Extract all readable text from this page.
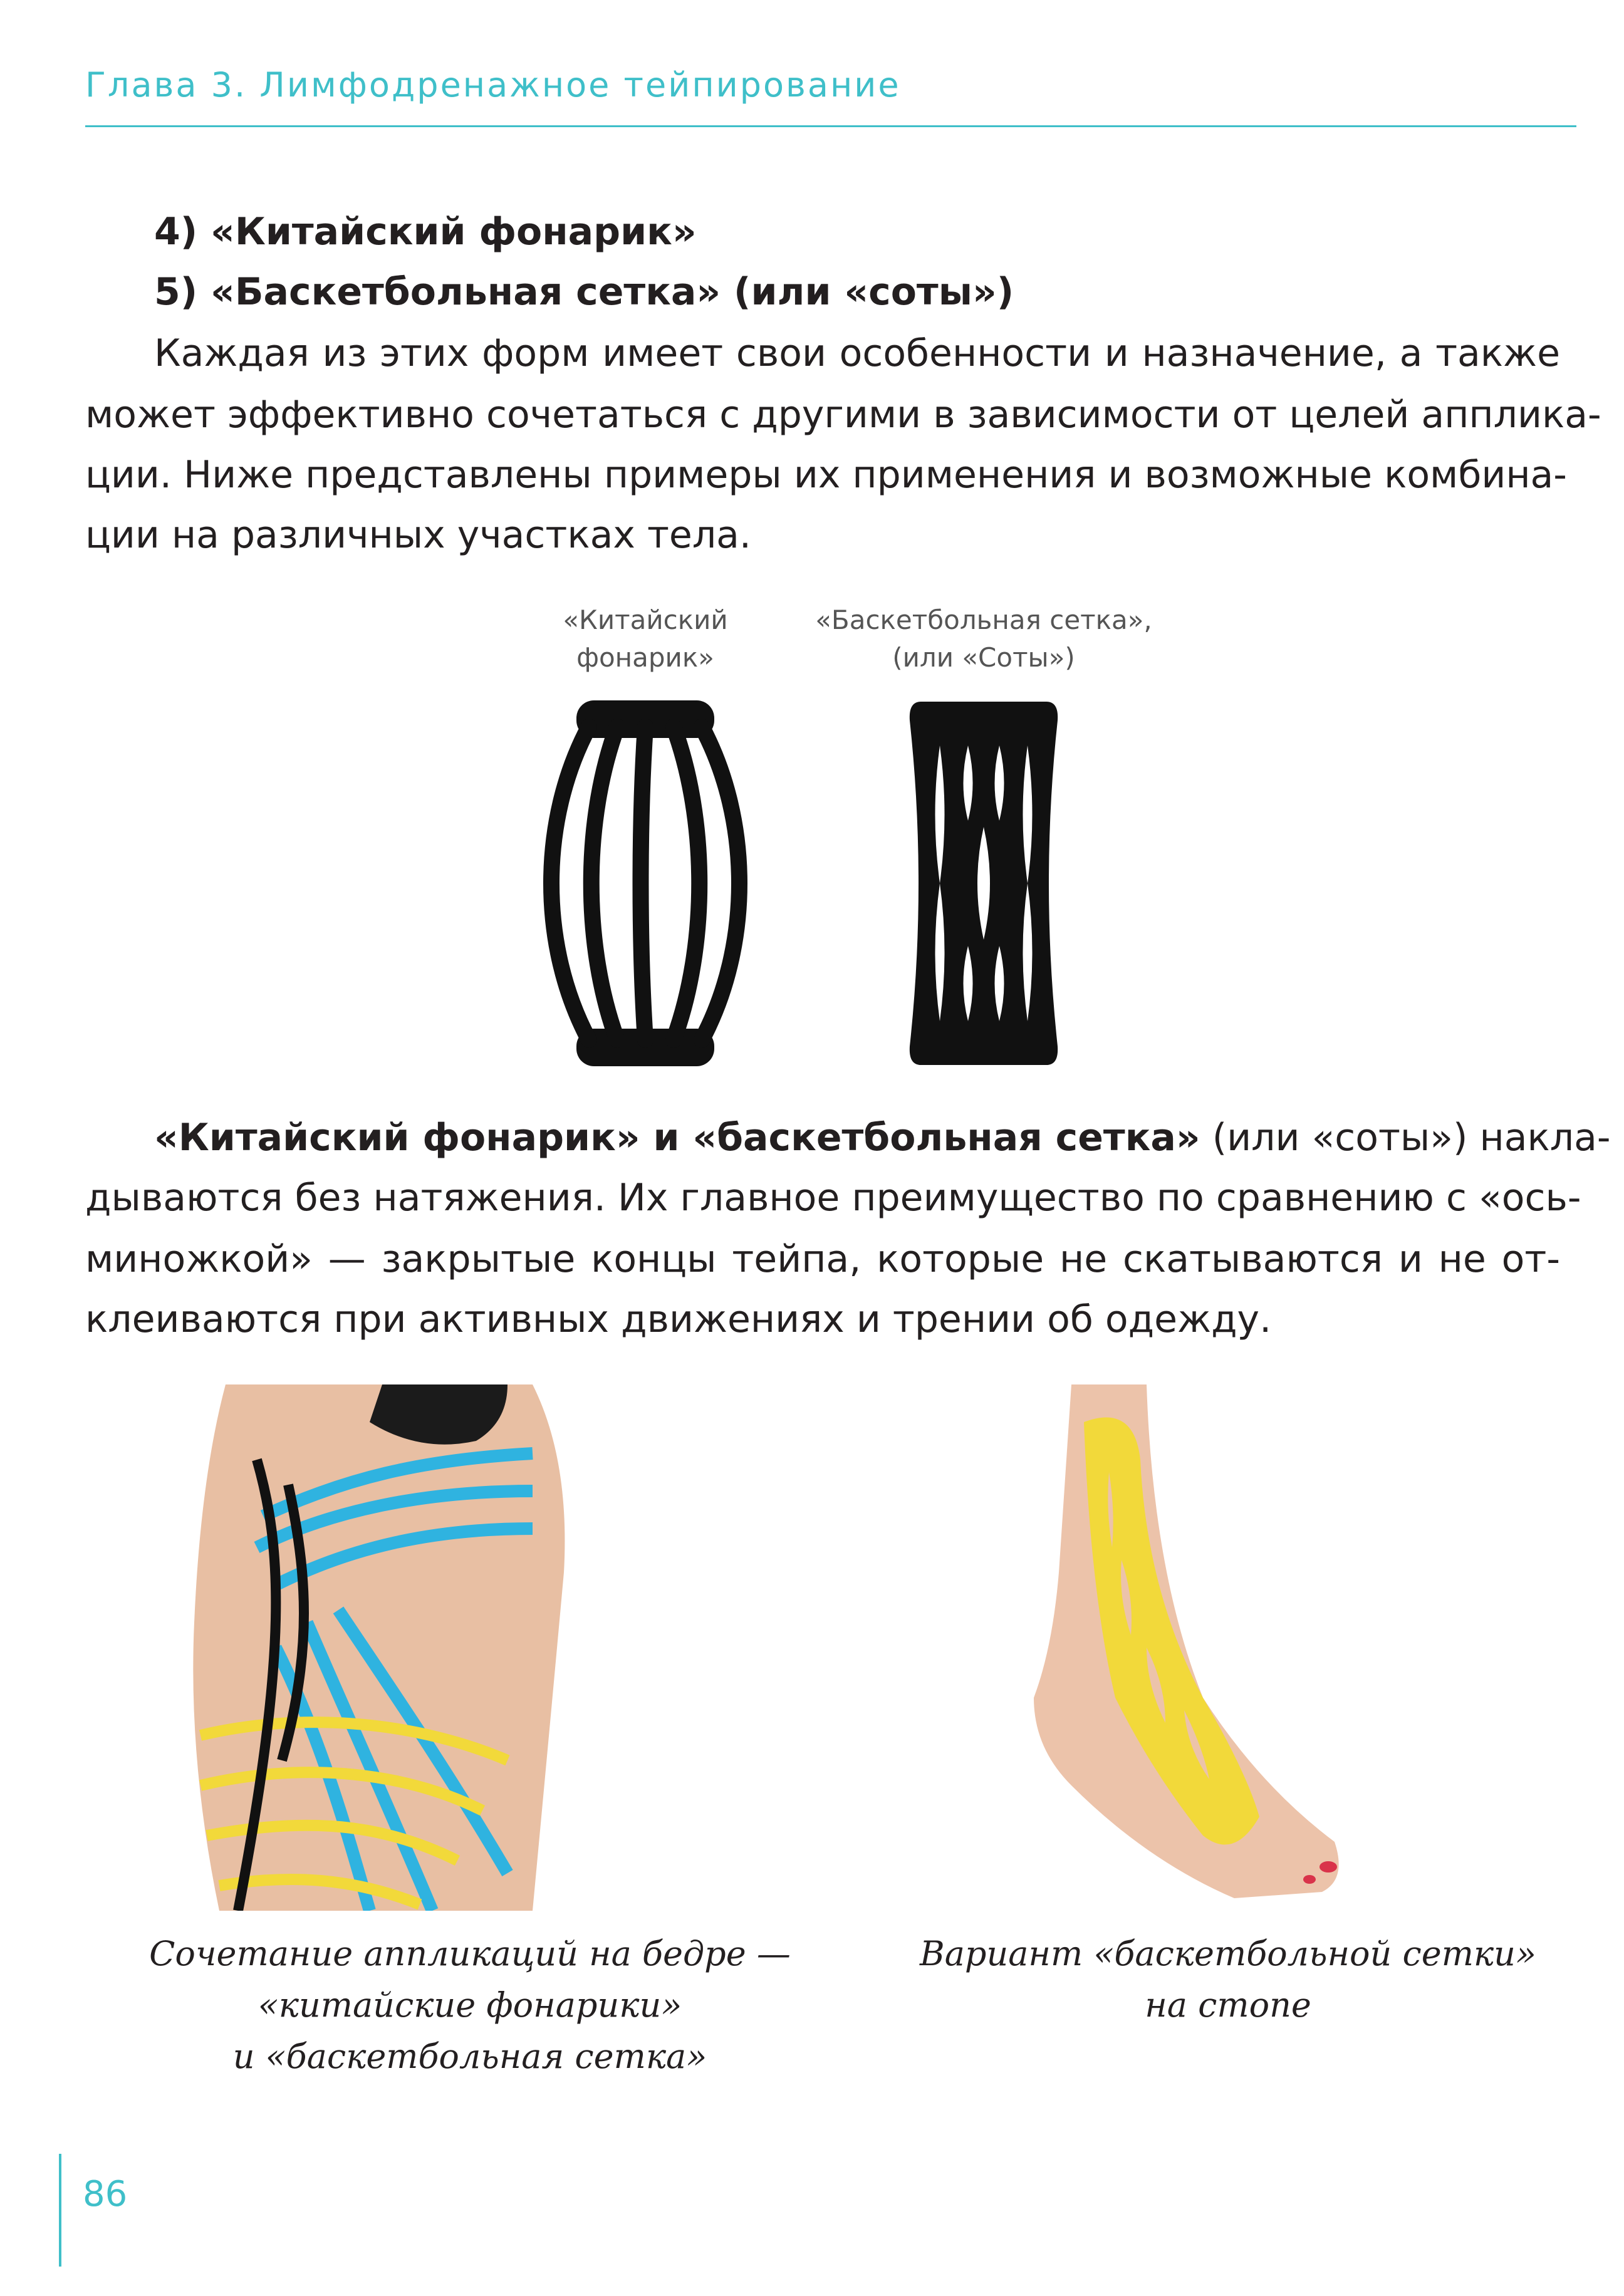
Глава 3. Лимфодренажное тейпирование
4) «Китайский фонарик»
5) «Баскетбольная сетка» (или «соты»)
Каждая из этих форм имеет свои особенности и назначение, а также
может эффективно сочетаться с другими в зависимости от целей апплика-
ции. Ниже представлены примеры их применения и возможные комбина-
ции на различных участках тела.
«Китайский
фонарик»
«Баскетбольная сетка»,
(или «Соты»)
«Китайский фонарик» и «баскетбольная сетка» (или «соты») накла-
дываются без натяжения. Их главное преимущество по сравнению с «ось-
миножкой» — закрытые концы тейпа, которые не скатываются и не от-
клеиваются при активных движениях и трении об одежду.
Сочетание аппликаций на бедре —
«китайские фонарики»
и «баскетбольная сетка»
Вариант «баскетбольной сетки»
на стопе
86
